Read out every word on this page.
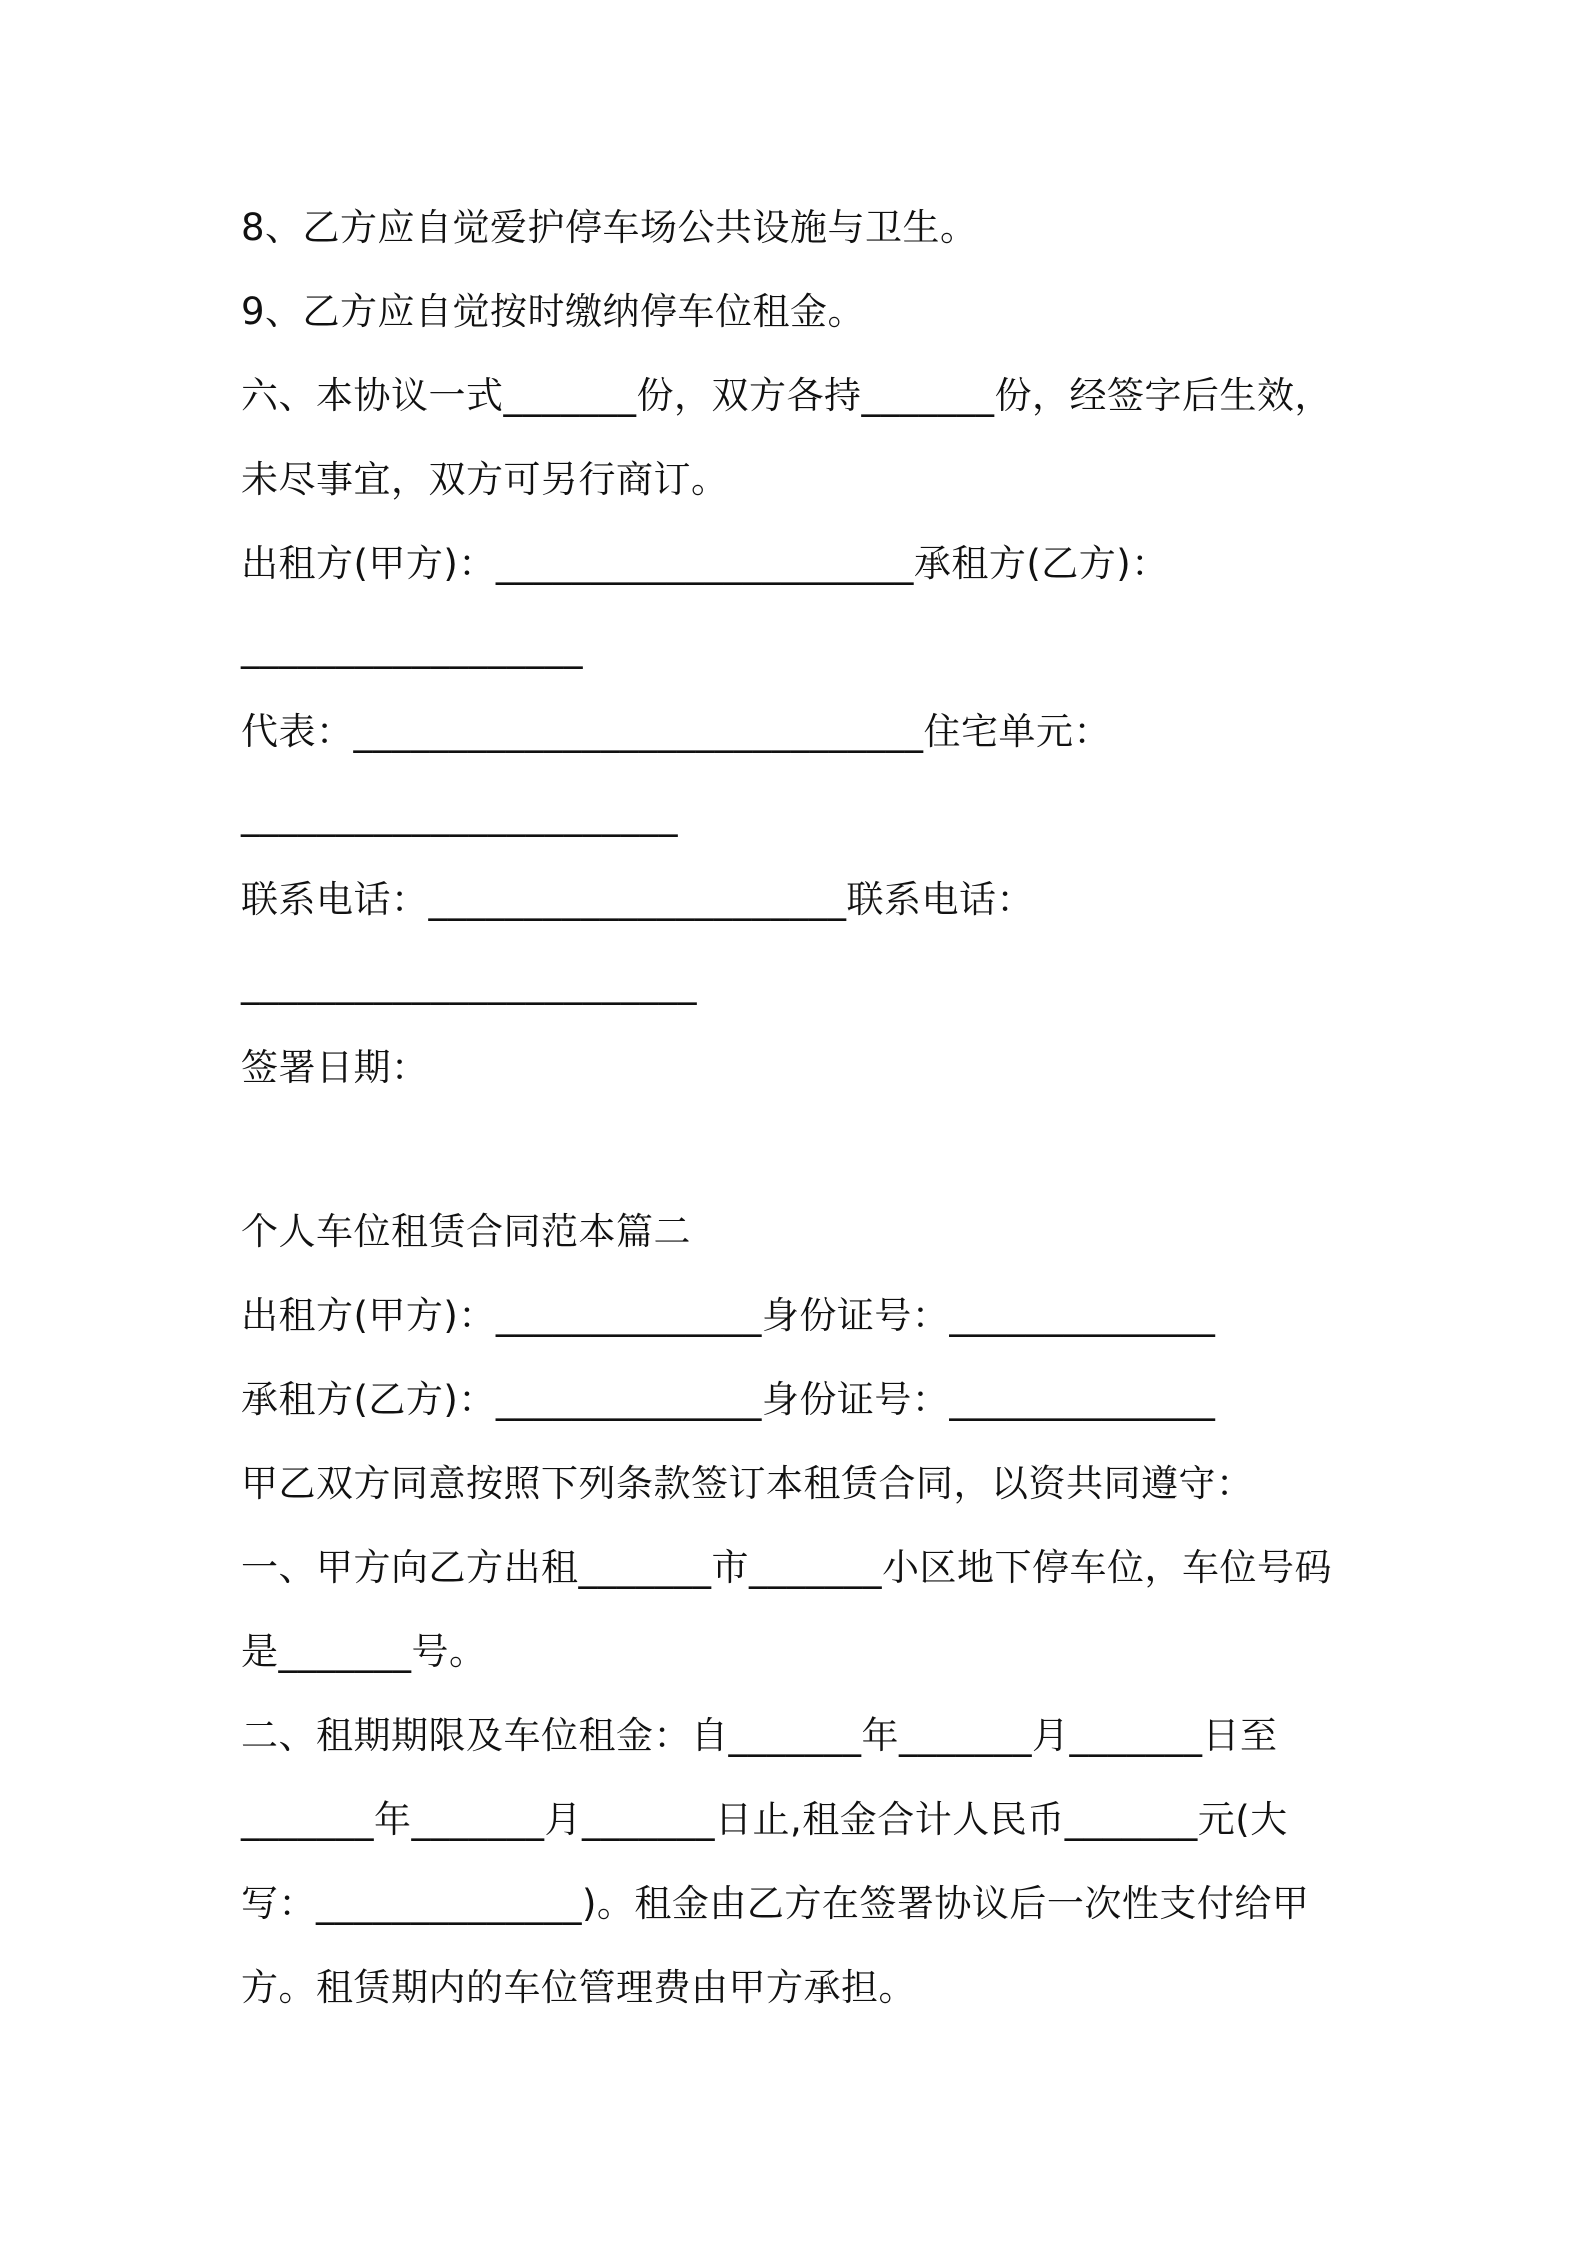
8、乙方应自觉爱护停车场公共设施与卫生。
9、乙方应自觉按时缴纳停车位租金。
六、本协议一式_______份，双方各持_______份，经签字后生效，
未尽事宜，双方可另行商订。
出租方(甲方)：______________________承租方(乙方)：
__________________
代表：______________________________住宅单元：
_______________________
联系电话：______________________联系电话：
________________________
签署日期：
个人车位租赁合同范本篇二
出租方(甲方)：______________身份证号：______________
承租方(乙方)：______________身份证号：______________
甲乙双方同意按照下列条款签订本租赁合同，以资共同遵守：
一、甲方向乙方出租_______市_______小区地下停车位，车位号码
是_______号。
二、租期期限及车位租金：自_______年_______月_______日至
_______年_______月_______日止,租金合计人民币_______元(大
写：______________)。租金由乙方在签署协议后一次性支付给甲
方。租赁期内的车位管理费由甲方承担。
